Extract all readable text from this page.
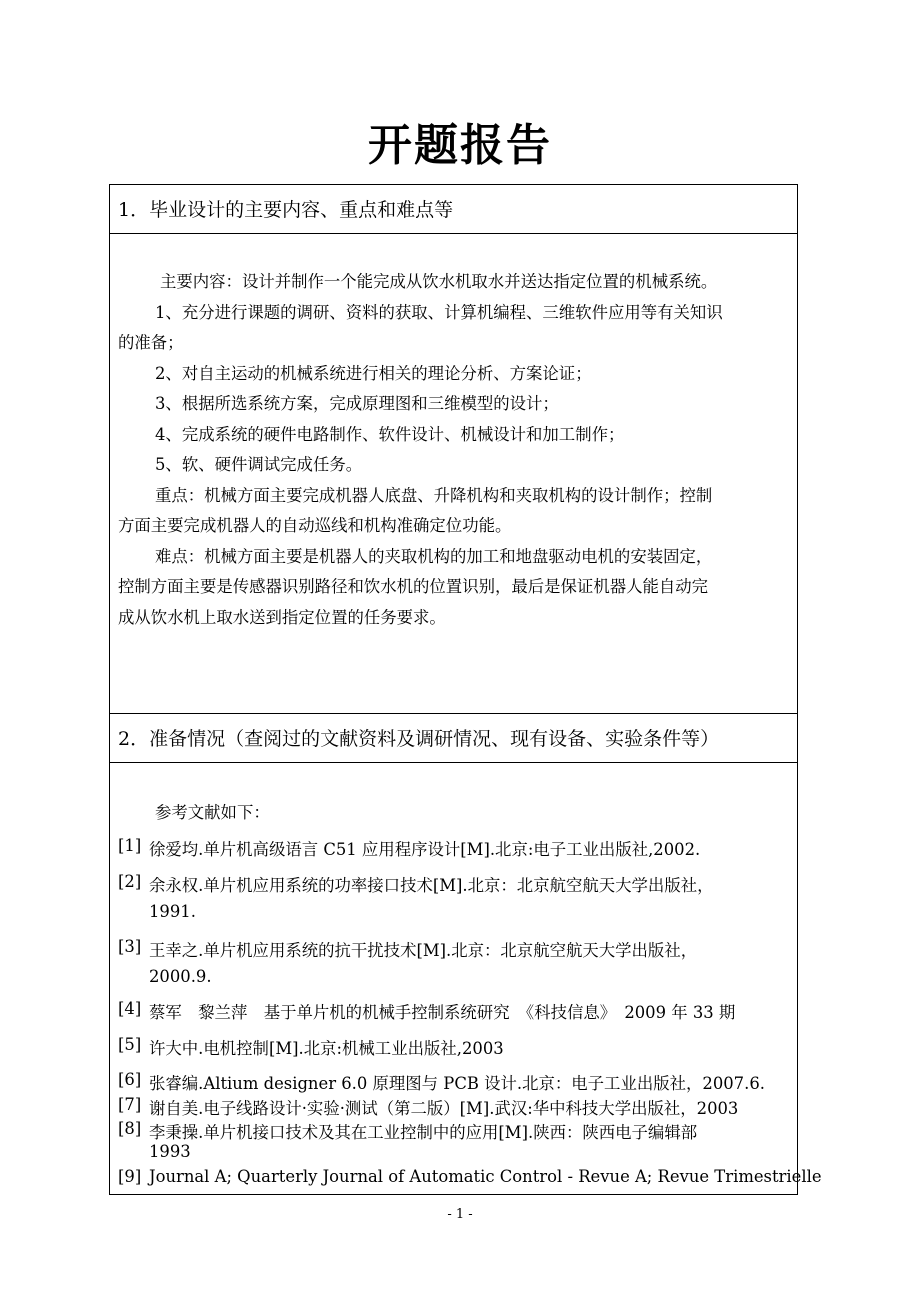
开题报告
1．毕业设计的主要内容、重点和难点等
主要内容：设计并制作一个能完成从饮水机取水并送达指定位置的机械系统。
1、充分进行课题的调研、资料的获取、计算机编程、三维软件应用等有关知识
的准备；
2、对自主运动的机械系统进行相关的理论分析、方案论证；
3、根据所选系统方案，完成原理图和三维模型的设计；
4、完成系统的硬件电路制作、软件设计、机械设计和加工制作；
5、软、硬件调试完成任务。
重点：机械方面主要完成机器人底盘、升降机构和夹取机构的设计制作；控制
方面主要完成机器人的自动巡线和机构准确定位功能。
难点：机械方面主要是机器人的夹取机构的加工和地盘驱动电机的安装固定，
控制方面主要是传感器识别路径和饮水机的位置识别，最后是保证机器人能自动完
成从饮水机上取水送到指定位置的任务要求。
2．准备情况（查阅过的文献资料及调研情况、现有设备、实验条件等）
参考文献如下：
[1] 徐爱均.单片机高级语言 C51 应用程序设计[M].北京:电子工业出版社,2002.
[2] 余永权.单片机应用系统的功率接口技术[M].北京：北京航空航天大学出版社，
1991.
[3] 王幸之.单片机应用系统的抗干扰技术[M].北京：北京航空航天大学出版社，
2000.9.
[4] 蔡军　黎兰萍　基于单片机的机械手控制系统研究　《科技信息》　2009 年 33 期
[5] 许大中.电机控制[M].北京:机械工业出版社,2003
[6] 张睿编.Altium designer 6.0 原理图与 PCB 设计.北京：电子工业出版社，2007.6.
[7] 谢自美.电子线路设计·实验·测试（第二版）[M].武汉:华中科技大学出版社，2003
[8] 李秉操.单片机接口技术及其在工业控制中的应用[M].陕西：陕西电子编辑部
1993
[9] Journal A; Quarterly Journal of Automatic Control - Revue A; Revue Trimestrielle
- 1 -
